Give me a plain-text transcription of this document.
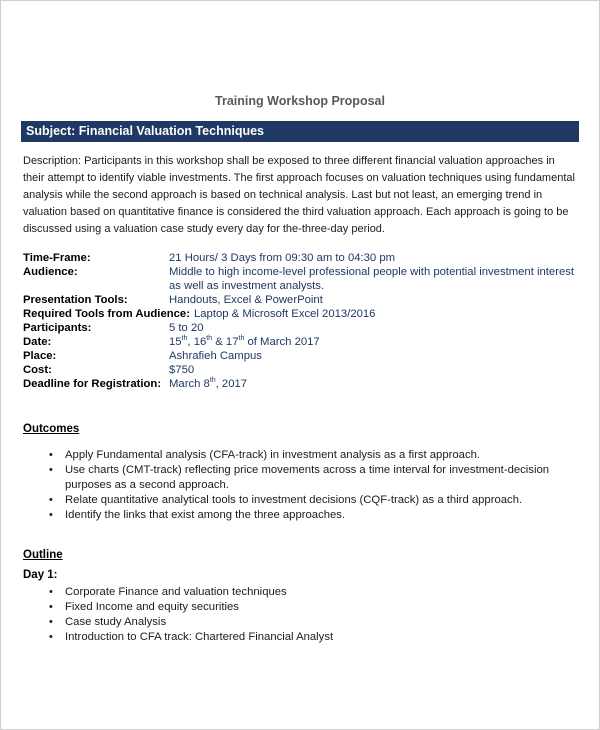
Training Workshop Proposal
Subject: Financial Valuation Techniques

Description: Participants in this workshop shall be exposed to three different financial valuation approaches in their attempt to identify viable investments. The first approach focuses on valuation techniques using fundamental analysis while the second approach is based on technical analysis. Last but not least, an emerging trend in valuation based on quantitative finance is considered the third valuation approach. Each approach is going to be discussed using a valuation case study every day for the-three-day period.

Time-Frame:	21 Hours/ 3 Days from 09:30 am to 04:30 pm
Audience:	Middle to high income-level professional people with potential investment interest as well as investment analysts.
Presentation Tools:	Handouts, Excel & PowerPoint
Required Tools from Audience: Laptop & Microsoft Excel 2013/2016
Participants:	5 to 20
Date:	15th, 16th & 17th of March 2017
Place:	Ashrafieh Campus
Cost:	$750
Deadline for Registration: March 8th, 2017
Outcomes
• Apply Fundamental analysis (CFA-track) in investment analysis as a first approach.
• Use charts (CMT-track) reflecting price movements across a time interval for investment-decision purposes as a second approach.
• Relate quantitative analytical tools to investment decisions (CQF-track) as a third approach.
• Identify the links that exist among the three approaches.
Outline
Day 1:
• Corporate Finance and valuation techniques
• Fixed Income and equity securities
• Case study Analysis
• Introduction to CFA track: Chartered Financial Analyst
